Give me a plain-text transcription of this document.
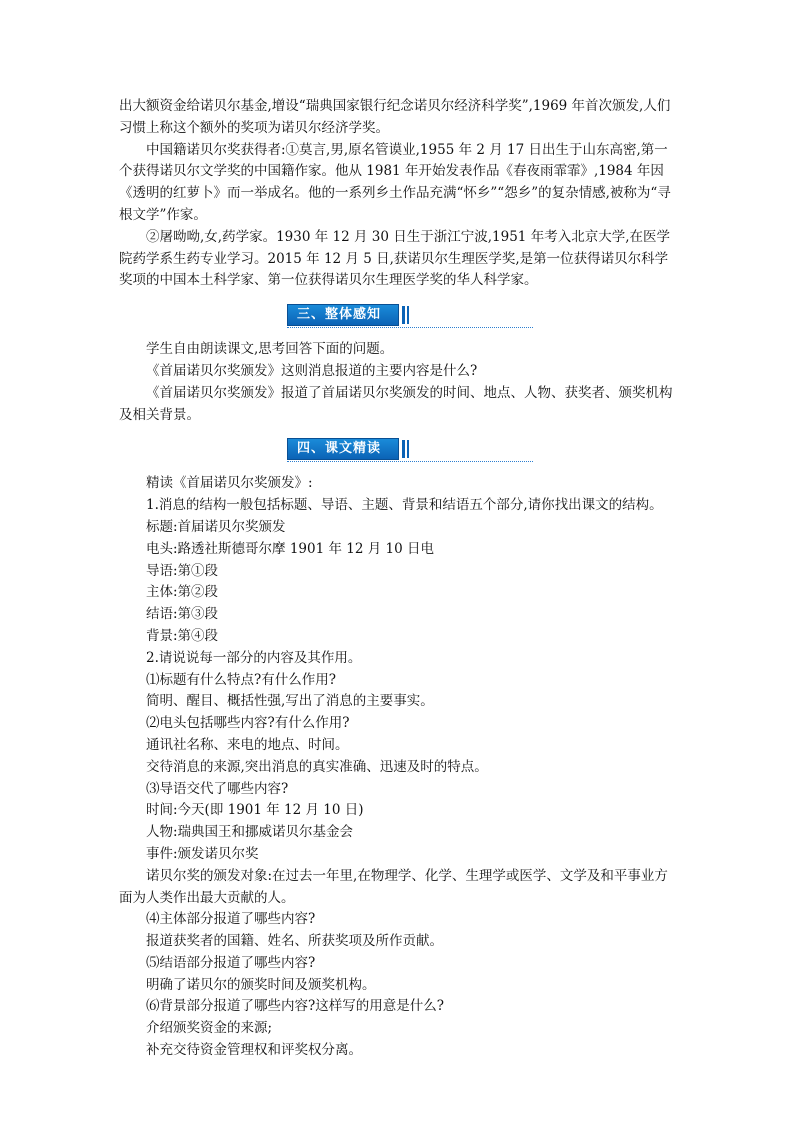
出大额资金给诺贝尔基金,增设“瑞典国家银行纪念诺贝尔经济科学奖”,1969 年首次颁发,人们习惯上称这个额外的奖项为诺贝尔经济学奖。

中国籍诺贝尔奖获得者:①莫言,男,原名管谟业,1955 年 2 月 17 日出生于山东高密,第一个获得诺贝尔文学奖的中国籍作家。他从 1981 年开始发表作品《春夜雨霏霏》,1984 年因《透明的红萝卜》而一举成名。他的一系列乡土作品充满“怀乡”“怨乡”的复杂情感,被称为“寻根文学”作家。

②屠呦呦,女,药学家。1930 年 12 月 30 日生于浙江宁波,1951 年考入北京大学,在医学院药学系生药专业学习。2015 年 12 月 5 日,获诺贝尔生理医学奖,是第一位获得诺贝尔科学奖项的中国本土科学家、第一位获得诺贝尔生理医学奖的华人科学家。

三、整体感知

学生自由朗读课文,思考回答下面的问题。

《首届诺贝尔奖颁发》这则消息报道的主要内容是什么?

《首届诺贝尔奖颁发》报道了首届诺贝尔奖颁发的时间、地点、人物、获奖者、颁奖机构及相关背景。

四、课文精读

精读《首届诺贝尔奖颁发》:

1.消息的结构一般包括标题、导语、主题、背景和结语五个部分,请你找出课文的结构。

标题:首届诺贝尔奖颁发

电头:路透社斯德哥尔摩 1901 年 12 月 10 日电

导语:第①段

主体:第②段

结语:第③段

背景:第④段

2.请说说每一部分的内容及其作用。

⑴标题有什么特点?有什么作用?

简明、醒目、概括性强,写出了消息的主要事实。

⑵电头包括哪些内容?有什么作用?

通讯社名称、来电的地点、时间。

交待消息的来源,突出消息的真实准确、迅速及时的特点。

⑶导语交代了哪些内容?

时间:今天(即 1901 年 12 月 10 日)

人物:瑞典国王和挪威诺贝尔基金会

事件:颁发诺贝尔奖

诺贝尔奖的颁发对象:在过去一年里,在物理学、化学、生理学或医学、文学及和平事业方面为人类作出最大贡献的人。

⑷主体部分报道了哪些内容?

报道获奖者的国籍、姓名、所获奖项及所作贡献。

⑸结语部分报道了哪些内容?

明确了诺贝尔的颁奖时间及颁奖机构。

⑹背景部分报道了哪些内容?这样写的用意是什么?

介绍颁奖资金的来源;

补充交待资金管理权和评奖权分离。
